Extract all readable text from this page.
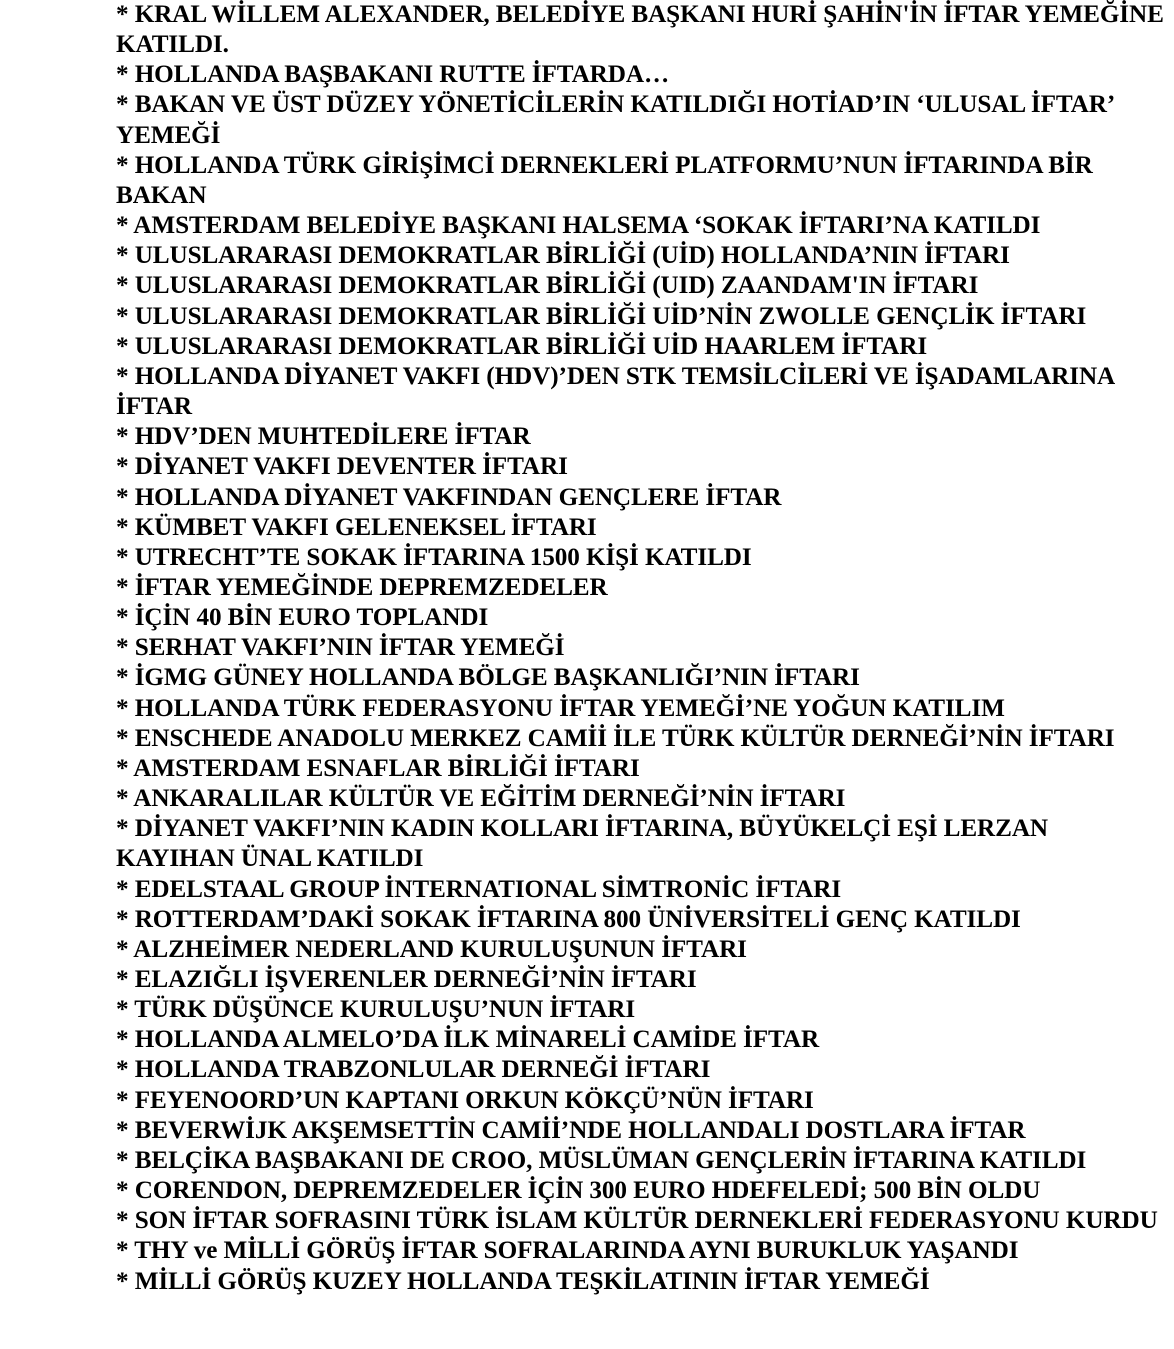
* KRAL WİLLEM ALEXANDER, BELEDİYE BAŞKANI HURİ ŞAHİN'İN İFTAR YEMEĞİNE KATILDI.
* HOLLANDA BAŞBAKANI RUTTE İFTARDA…
* BAKAN VE ÜST DÜZEY YÖNETİCİLERİN KATILDIĞI HOTİAD’IN ‘ULUSAL İFTAR’ YEMEĞİ
* HOLLANDA TÜRK GİRİŞİMCİ DERNEKLERİ PLATFORMU’NUN İFTARINDA BİR BAKAN
* AMSTERDAM BELEDİYE BAŞKANI HALSEMA ‘SOKAK İFTARI’NA KATILDI
* ULUSLARARASI DEMOKRATLAR BİRLİĞİ (UİD) HOLLANDA’NIN İFTARI
* ULUSLARARASI DEMOKRATLAR BİRLİĞİ (UID) ZAANDAM'IN İFTARI
* ULUSLARARASI DEMOKRATLAR BİRLİĞİ UİD’NİN ZWOLLE GENÇLİK İFTARI
* ULUSLARARASI DEMOKRATLAR BİRLİĞİ UİD HAARLEM İFTARI
* HOLLANDA DİYANET VAKFI (HDV)’DEN STK TEMSİLCİLERİ VE İŞADAMLARINA İFTAR
* HDV’DEN MUHTEDİLERE İFTAR
* DİYANET VAKFI DEVENTER İFTARI
* HOLLANDA DİYANET VAKFINDAN GENÇLERE İFTAR
* KÜMBET VAKFI GELENEKSEL İFTARI
* UTRECHT’TE SOKAK İFTARINA 1500 KİŞİ KATILDI
* İFTAR YEMEĞİNDE DEPREMZEDELER
* İÇİN 40 BİN EURO TOPLANDI
* SERHAT VAKFI’NIN İFTAR YEMEĞİ
* İGMG GÜNEY HOLLANDA BÖLGE BAŞKANLIĞI’NIN İFTARI
* HOLLANDA TÜRK FEDERASYONU İFTAR YEMEĞİ’NE YOĞUN KATILIM
* ENSCHEDE ANADOLU MERKEZ CAMİİ İLE TÜRK KÜLTÜR DERNEĞİ’NİN İFTARI
* AMSTERDAM ESNAFLAR BİRLİĞİ İFTARI
* ANKARALILAR KÜLTÜR VE EĞİTİM DERNEĞİ’NİN İFTARI
* DİYANET VAKFI’NIN KADIN KOLLARI İFTARINA, BÜYÜKELÇİ EŞİ LERZAN KAYIHAN ÜNAL KATILDI
* EDELSTAAL GROUP İNTERNATIONAL SİMTRONİC İFTARI
* ROTTERDAM’DAKİ SOKAK İFTARINA 800 ÜNİVERSİTELİ GENÇ KATILDI
* ALZHEİMER NEDERLAND KURULUŞUNUN İFTARI
* ELAZIĞLI İŞVERENLER DERNEĞİ’NİN İFTARI
* TÜRK DÜŞÜNCE KURULUŞU’NUN İFTARI
* HOLLANDA ALMELO’DA İLK MİNARELİ CAMİDE İFTAR
* HOLLANDA TRABZONLULAR DERNEĞİ İFTARI
* FEYENOORD’UN KAPTANI ORKUN KÖKÇÜ’NÜN İFTARI
* BEVERWİJK AKŞEMSETTİN CAMİİ’NDE HOLLANDALI DOSTLARA İFTAR
* BELÇİKA BAŞBAKANI DE CROO, MÜSLÜMAN GENÇLERİN İFTARINA KATILDI
* CORENDON, DEPREMZEDELER İÇİN 300 EURO HDEFELEDİ; 500 BİN OLDU
* SON İFTAR SOFRASINI TÜRK İSLAM KÜLTÜR DERNEKLERİ FEDERASYONU KURDU
* THY ve MİLLİ GÖRÜŞ İFTAR SOFRALARINDA AYNI BURUKLUK YAŞANDI
* MİLLİ GÖRÜŞ KUZEY HOLLANDA TEŞKİLATININ İFTAR YEMEĞİ
